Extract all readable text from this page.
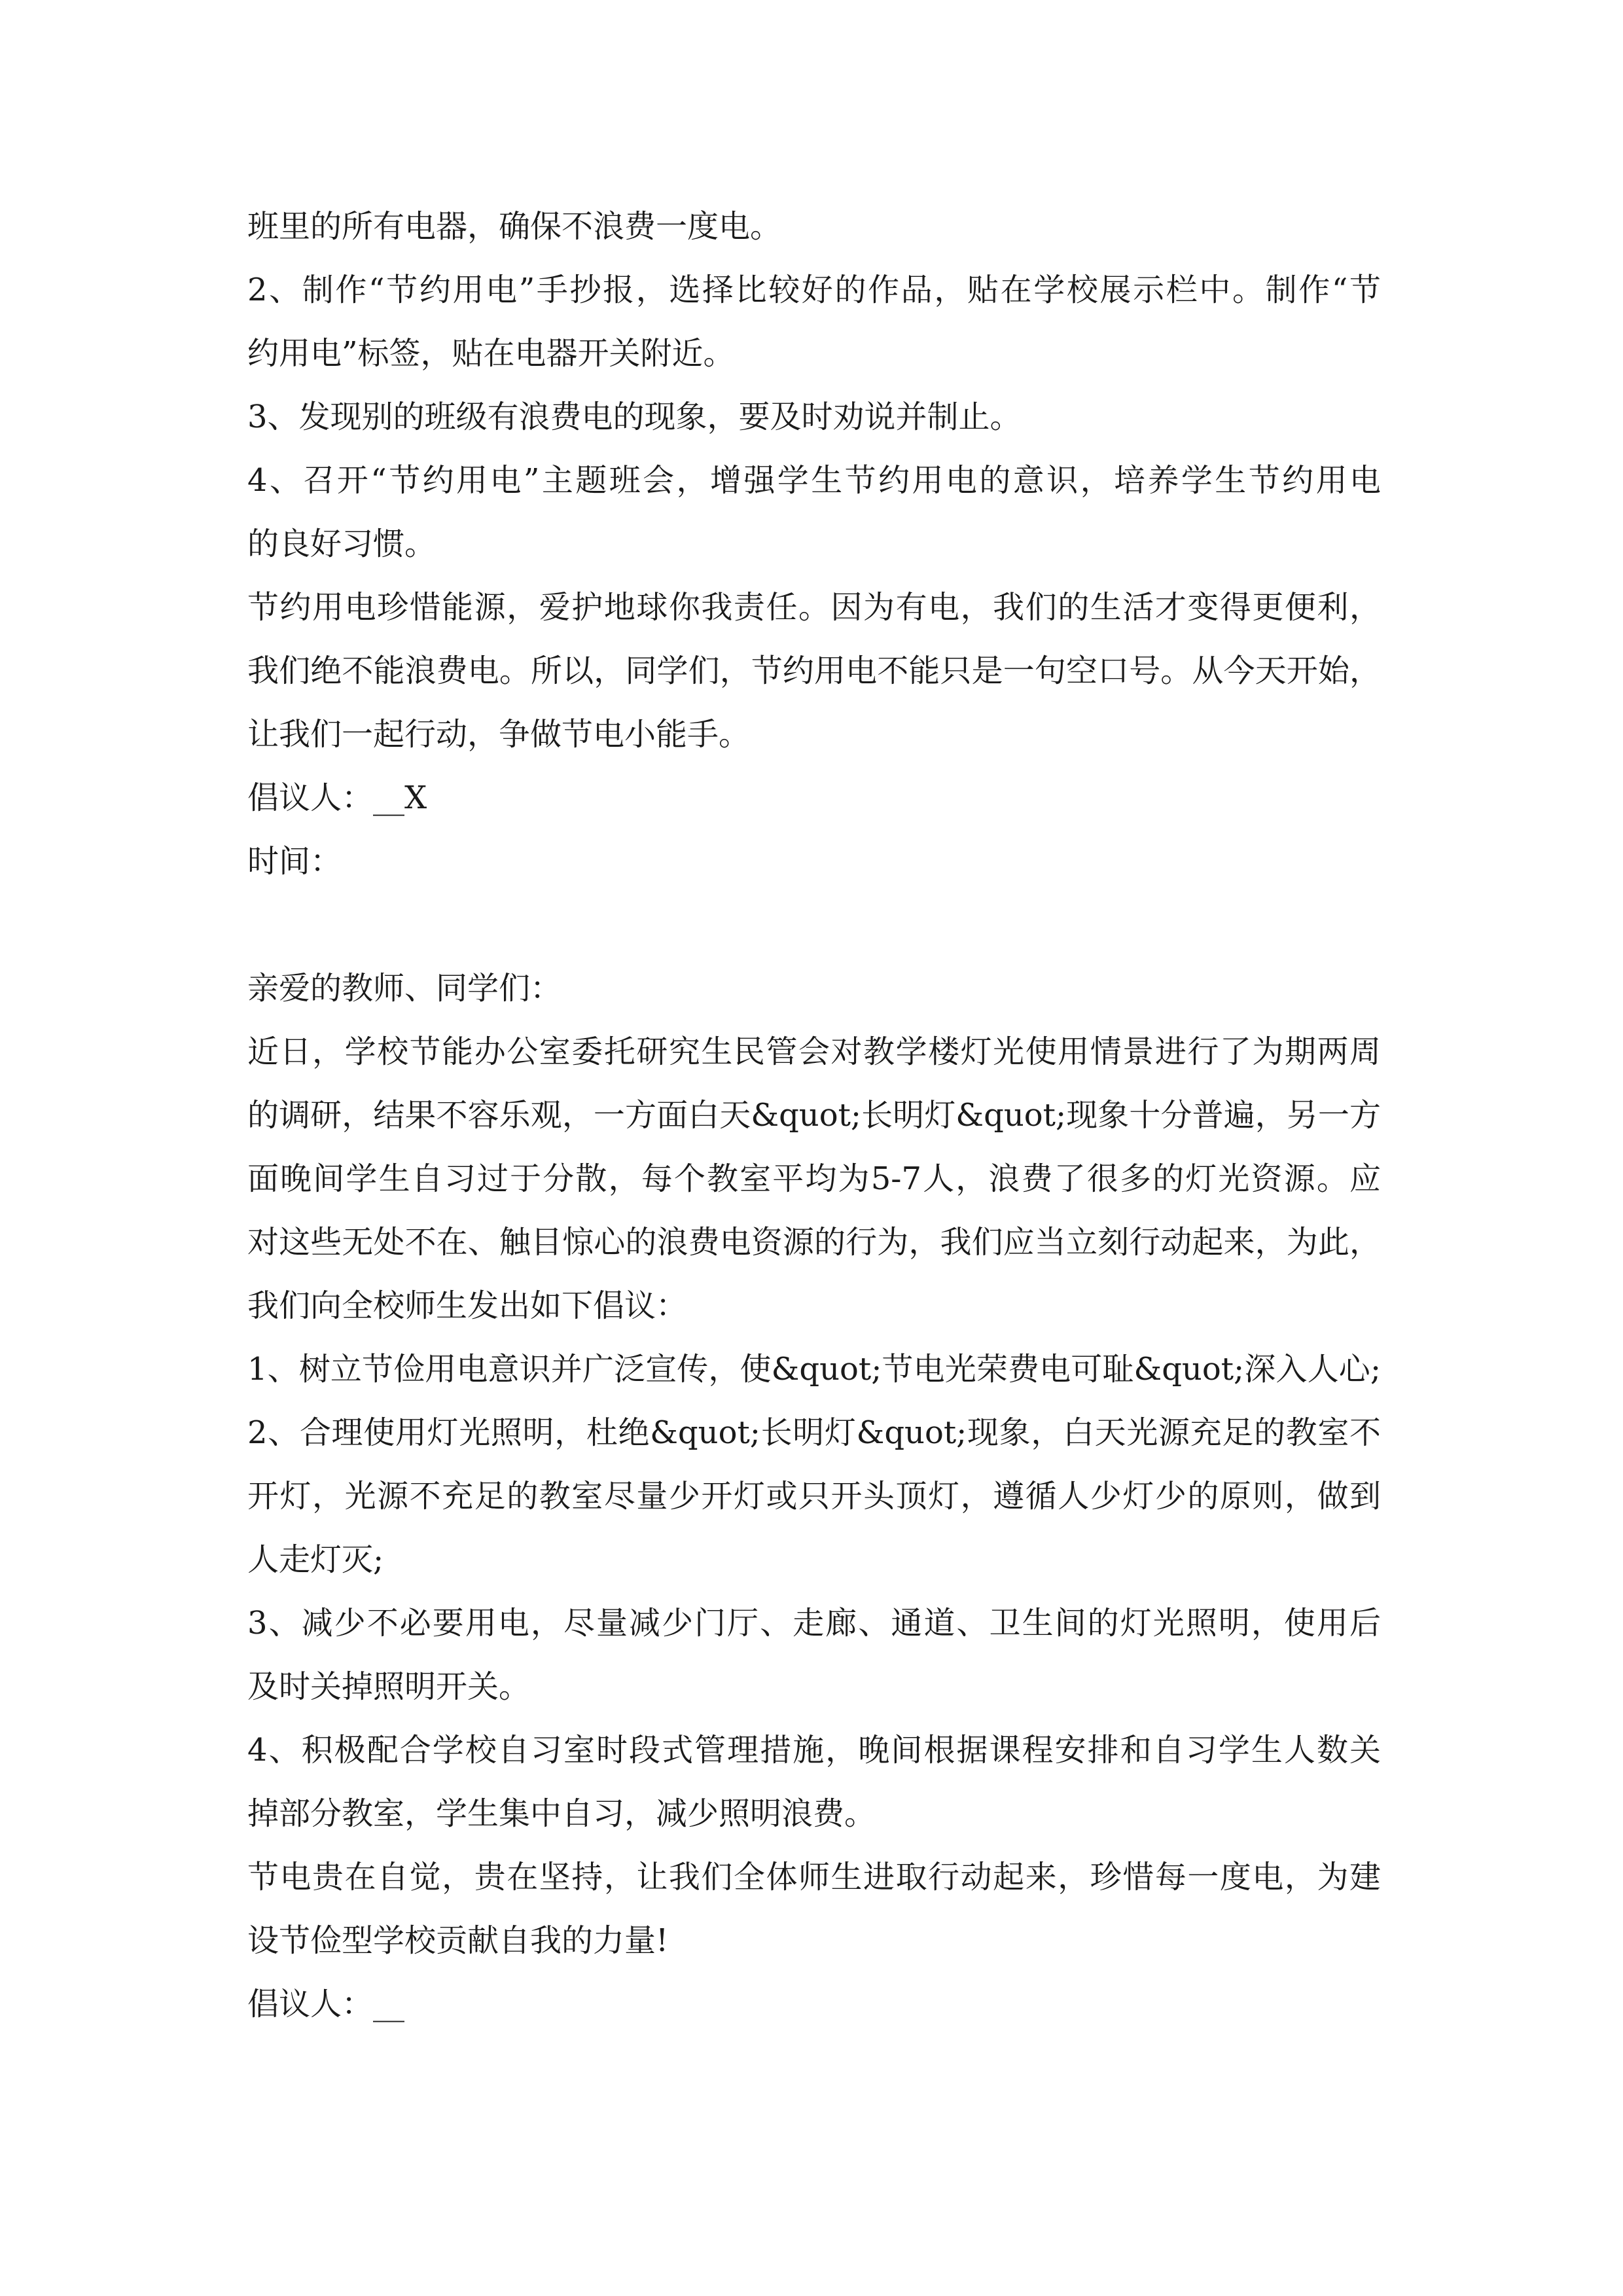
班里的所有电器，确保不浪费一度电。

2、制作“节约用电”手抄报，选择比较好的作品，贴在学校展示栏中。制作“节

约用电”标签，贴在电器开关附近。

3、发现别的班级有浪费电的现象，要及时劝说并制止。

4、召开“节约用电”主题班会，增强学生节约用电的意识，培养学生节约用电

的良好习惯。

节约用电珍惜能源，爱护地球你我责任。因为有电，我们的生活才变得更便利，

我们绝不能浪费电。所以，同学们，节约用电不能只是一句空口号。从今天开始，

让我们一起行动，争做节电小能手。

倡议人：__X

时间：

亲爱的教师、同学们：

近日，学校节能办公室委托研究生民管会对教学楼灯光使用情景进行了为期两周

的调研，结果不容乐观，一方面白天&quot;长明灯&quot;现象十分普遍，另一方

面晚间学生自习过于分散，每个教室平均为5-7人，浪费了很多的灯光资源。应

对这些无处不在、触目惊心的浪费电资源的行为，我们应当立刻行动起来，为此，

我们向全校师生发出如下倡议：

1、树立节俭用电意识并广泛宣传，使&quot;节电光荣费电可耻&quot;深入人心;

2、合理使用灯光照明，杜绝&quot;长明灯&quot;现象，白天光源充足的教室不

开灯，光源不充足的教室尽量少开灯或只开头顶灯，遵循人少灯少的原则，做到

人走灯灭;

3、减少不必要用电，尽量减少门厅、走廊、通道、卫生间的灯光照明，使用后

及时关掉照明开关。

4、积极配合学校自习室时段式管理措施，晚间根据课程安排和自习学生人数关

掉部分教室，学生集中自习，减少照明浪费。

节电贵在自觉，贵在坚持，让我们全体师生进取行动起来，珍惜每一度电，为建

设节俭型学校贡献自我的力量!

倡议人：__
